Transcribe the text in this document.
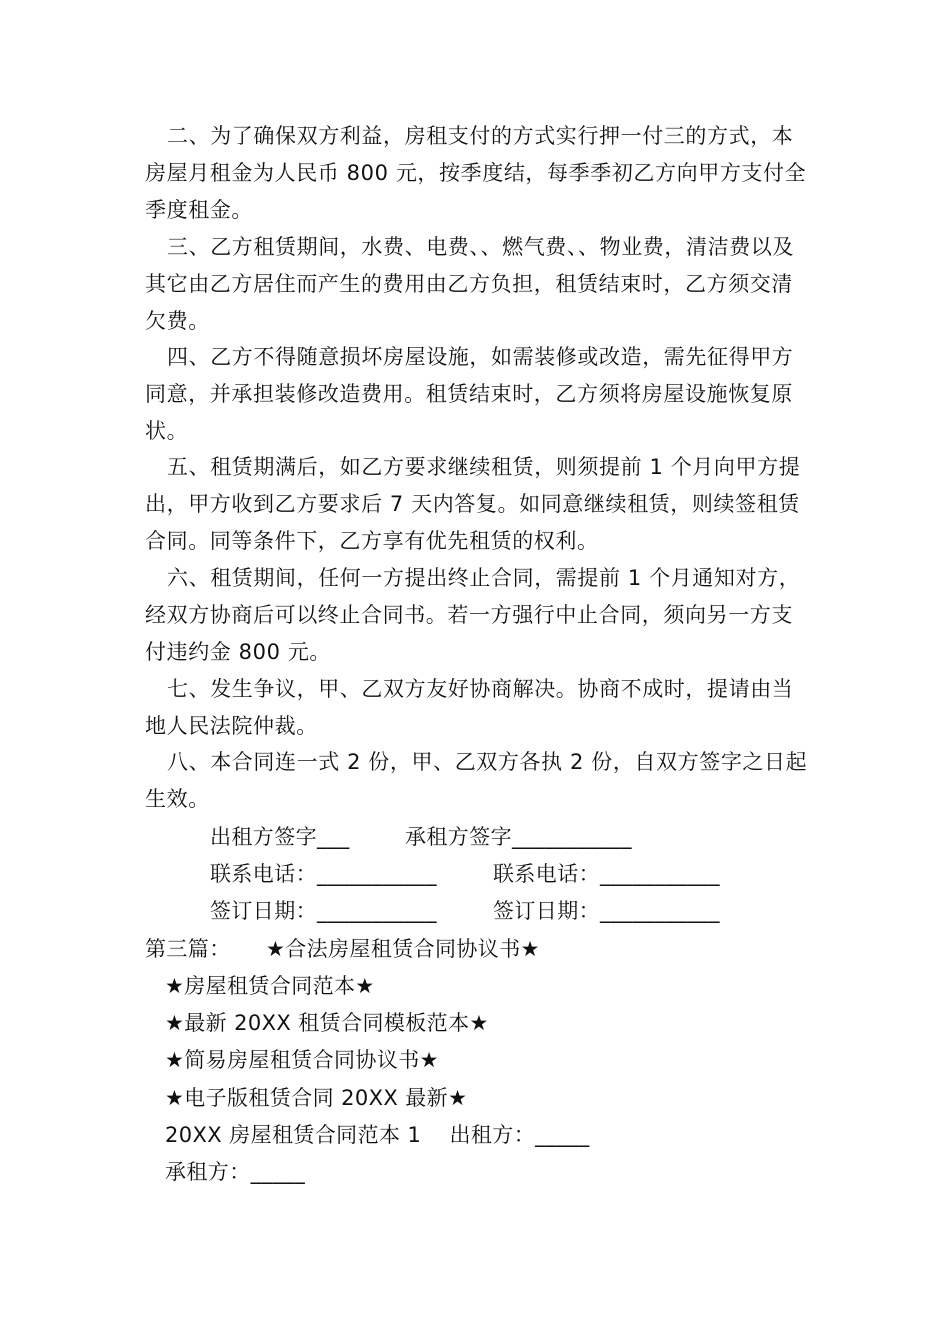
二、为了确保双方利益，房租支付的方式实行押一付三的方式，本房屋月租金为人民币 800 元，按季度结，每季季初乙方向甲方支付全季度租金。

三、乙方租赁期间，水费、电费、、燃气费、、物业费，清洁费以及其它由乙方居住而产生的费用由乙方负担，租赁结束时，乙方须交清欠费。

四、乙方不得随意损坏房屋设施，如需装修或改造，需先征得甲方同意，并承担装修改造费用。租赁结束时，乙方须将房屋设施恢复原状。

五、租赁期满后，如乙方要求继续租赁，则须提前 1 个月向甲方提出，甲方收到乙方要求后 7 天内答复。如同意继续租赁，则续签租赁合同。同等条件下，乙方享有优先租赁的权利。

六、租赁期间，任何一方提出终止合同，需提前 1 个月通知对方，经双方协商后可以终止合同书。若一方强行中止合同，须向另一方支付违约金 800 元。

七、发生争议，甲、乙双方友好协商解决。协商不成时，提请由当地人民法院仲裁。

八、本合同连一式 2 份，甲、乙双方各执 2 份，自双方签字之日起生效。

出租方签字___	承租方签字___________
联系电话：___________	联系电话：___________
签订日期：___________	签订日期：___________
第三篇：     ★合法房屋租赁合同协议书★
★房屋租赁合同范本★
★最新 20XX 租赁合同模板范本★
★简易房屋租赁合同协议书★
★电子版租赁合同 20XX 最新★
20XX 房屋租赁合同范本 1    出租方：_____
承租方：_____
